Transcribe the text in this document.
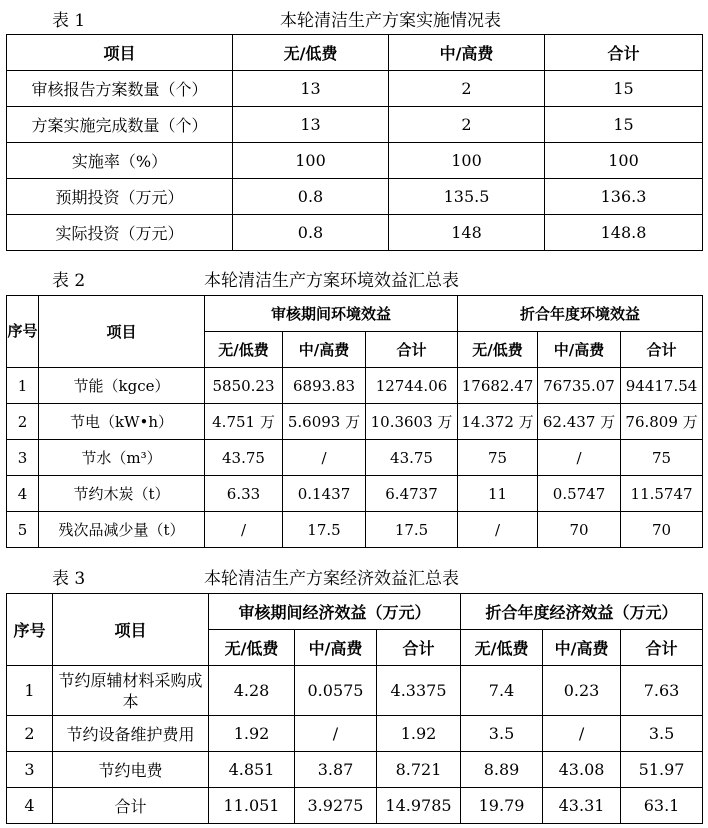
表 1	本轮清洁生产方案实施情况表
项目	无/低费	中/高费	合计
审核报告方案数量（个）	13	2	15
方案实施完成数量（个）	13	2	15
实施率（%）	100	100	100
预期投资（万元）	0.8	135.5	136.3
实际投资（万元）	0.8	148	148.8
表 2	本轮清洁生产方案环境效益汇总表
序号	项目	审核期间环境效益			折合年度环境效益		
		无/低费	中/高费	合计	无/低费	中/高费	合计
1	节能（kgce）	5850.23	6893.83	12744.06	17682.47	76735.07	94417.54
2	节电（kW•h）	4.751 万	5.6093 万	10.3603 万	14.372 万	62.437 万	76.809 万
3	节水（m³）	43.75	/	43.75	75	/	75
4	节约木炭（t）	6.33	0.1437	6.4737	11	0.5747	11.5747
5	残次品减少量（t）	/	17.5	17.5	/	70	70
表 3	本轮清洁生产方案经济效益汇总表
序号	项目	审核期间经济效益（万元）			折合年度经济效益（万元）		
		无/低费	中/高费	合计	无/低费	中/高费	合计
1	节约原辅材料采购成本	4.28	0.0575	4.3375	7.4	0.23	7.63
2	节约设备维护费用	1.92	/	1.92	3.5	/	3.5
3	节约电费	4.851	3.87	8.721	8.89	43.08	51.97
4	合计	11.051	3.9275	14.9785	19.79	43.31	63.1
